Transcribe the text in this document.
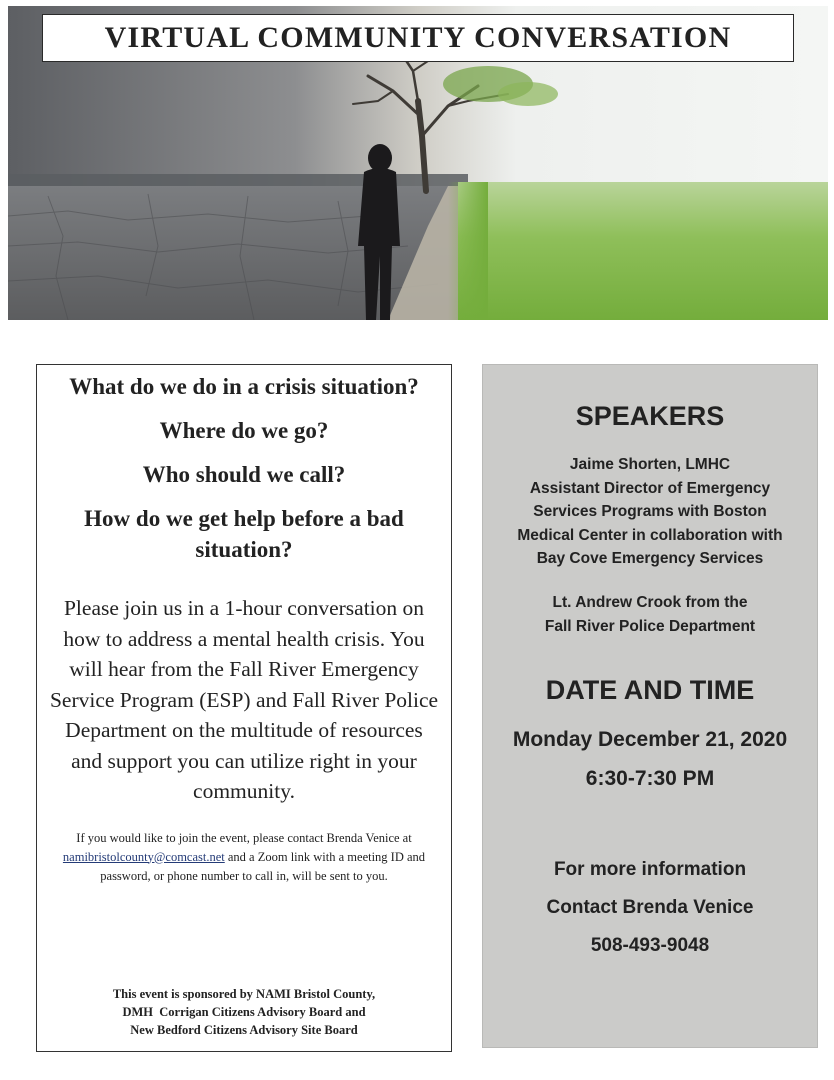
VIRTUAL COMMUNITY CONVERSATION

What do we do in a crisis situation?

Where do we go?

Who should we call?

How do we get help before a bad situation?

Please join us in a 1-hour conversation on how to address a mental health crisis. You will hear from the Fall River Emergency Service Program (ESP) and Fall River Police Department on the multitude of resources and support you can utilize right in your community.

If you would like to join the event, please contact Brenda Venice at namibristolcounty@comcast.net and a Zoom link with a meeting ID and password, or phone number to call in, will be sent to you.

This event is sponsored by NAMI Bristol County,
DMH  Corrigan Citizens Advisory Board and
New Bedford Citizens Advisory Site Board

SPEAKERS

Jaime Shorten, LMHC
Assistant Director of Emergency
Services Programs with Boston
Medical Center in collaboration with
Bay Cove Emergency Services
Lt. Andrew Crook from the
Fall River Police Department

DATE AND TIME

Monday December 21, 2020

6:30-7:30 PM

For more information

Contact Brenda Venice

508-493-9048
